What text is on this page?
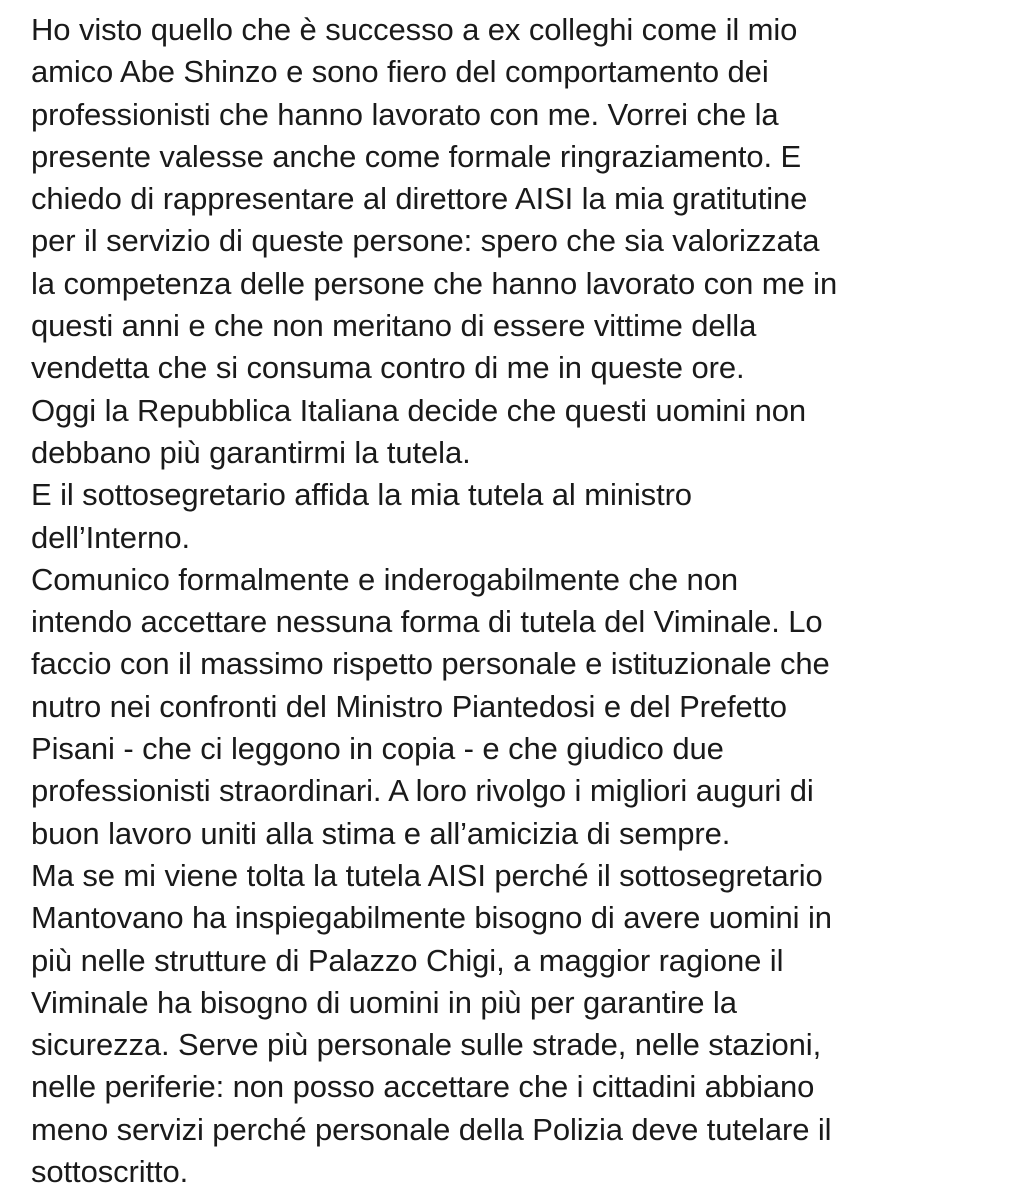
Ho visto quello che è successo a ex colleghi come il mio

amico Abe Shinzo e sono fiero del comportamento dei

professionisti che hanno lavorato con me. Vorrei che la

presente valesse anche come formale ringraziamento. E

chiedo di rappresentare al direttore AISI la mia gratitutine

per il servizio di queste persone: spero che sia valorizzata

la competenza delle persone che hanno lavorato con me in

questi anni e che non meritano di essere vittime della

vendetta che si consuma contro di me in queste ore.

Oggi la Repubblica Italiana decide che questi uomini non

debbano più garantirmi la tutela.

E il sottosegretario affida la mia tutela al ministro

dell’Interno.

Comunico formalmente e inderogabilmente che non

intendo accettare nessuna forma di tutela del Viminale. Lo

faccio con il massimo rispetto personale e istituzionale che

nutro nei confronti del Ministro Piantedosi e del Prefetto

Pisani - che ci leggono in copia - e che giudico due

professionisti straordinari. A loro rivolgo i migliori auguri di

buon lavoro uniti alla stima e all’amicizia di sempre.

Ma se mi viene tolta la tutela AISI perché il sottosegretario

Mantovano ha inspiegabilmente bisogno di avere uomini in

più nelle strutture di Palazzo Chigi, a maggior ragione il

Viminale ha bisogno di uomini in più per garantire la

sicurezza. Serve più personale sulle strade, nelle stazioni,

nelle periferie: non posso accettare che i cittadini abbiano

meno servizi perché personale della Polizia deve tutelare il

sottoscritto.
